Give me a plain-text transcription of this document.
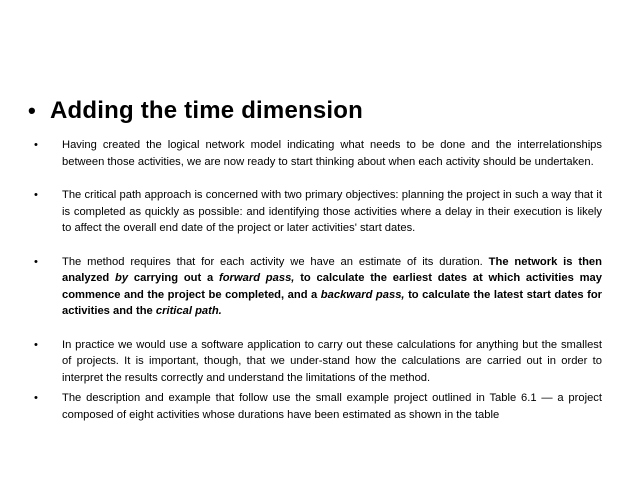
• Adding the time dimension
•	Having created the logical network model indicating what needs to be done and the interrelationships between those activities, we are now ready to start thinking about when each activity should be undertaken.
•	The critical path approach is concerned with two primary objectives: planning the project in such a way that it is completed as quickly as possible: and identifying those activities where a delay in their execution is likely to affect the overall end date of the project or later activities' start dates.
•	The method requires that for each activity we have an estimate of its duration. The network is then analyzed by carrying out a forward pass, to calculate the earliest dates at which activities may commence and the project be completed, and a backward pass, to calculate the latest start dates for activities and the critical path.
•	In practice we would use a software application to carry out these calculations for anything but the smallest of projects. It is important, though, that we under-stand how the calculations are carried out in order to interpret the results correctly and understand the limitations of the method.
•	The description and example that follow use the small example project outlined in Table 6.1 — a project composed of eight activities whose durations have been estimated as shown in the table
